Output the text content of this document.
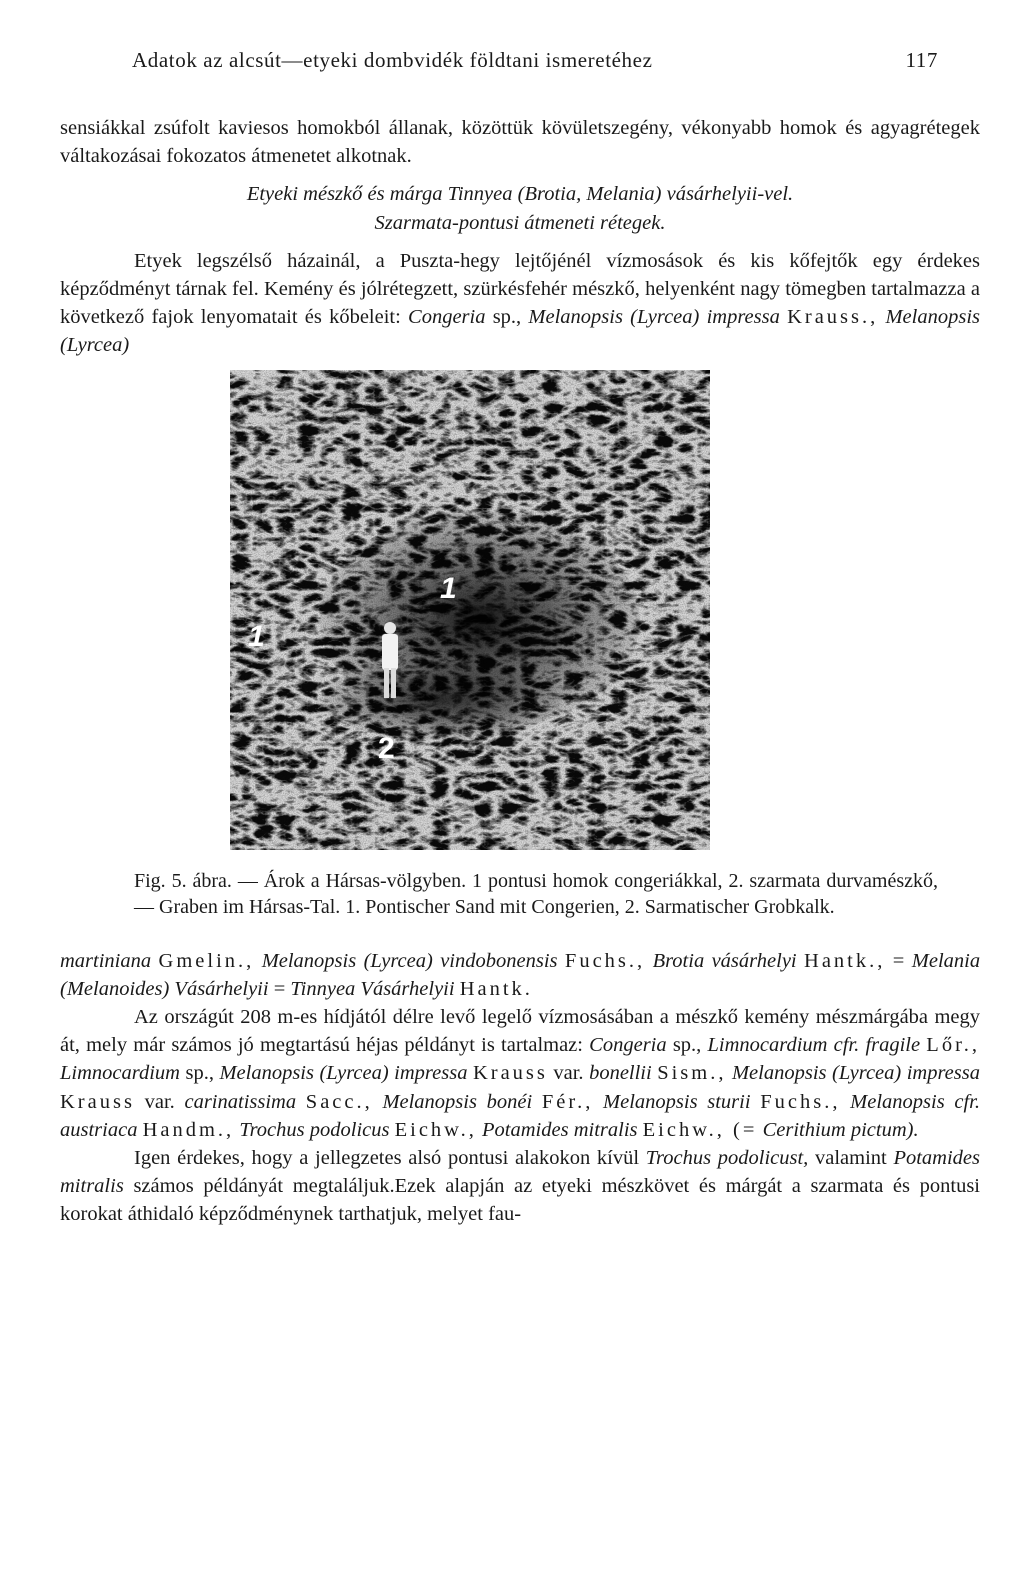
Adatok az alcsút—etyeki dombvidék földtani ismeretéhez	117

sensiákkal zsúfolt kaviesos homokból állanak, közöttük kövületszegény, vékonyabb homok és agyagrétegek váltakozásai fokozatos átmenetet alkotnak.

Etyeki mészkő és márga Tinnyea (Brotia, Melania) vásárhelyii-vel.

Szarmata-pontusi átmeneti rétegek.

Etyek legszélső házainál, a Puszta-hegy lejtőjénél vízmosások és kis kőfejtők egy érdekes képződményt tárnak fel. Kemény és jólrétegzett, szürkésfehér mészkő, helyenként nagy tömegben tartalmazza a következő fajok lenyomatait és kőbeleit: Congeria sp., Melanopsis (Lyrcea) impressa Krauss., Melanopsis (Lyrcea)

1
1
2
Fig. 5. ábra. — Árok a Hársas-völgyben. 1 pontusi homok congeriákkal, 2. szarmata durvamészkő, — Graben im Hársas-Tal. 1. Pontischer Sand mit Congerien, 2. Sarmatischer Grobkalk.

martiniana Gmelin., Melanopsis (Lyrcea) vindobonensis Fuchs., Brotia vásárhelyi Hantk., = Melania (Melanoides) Vásárhelyii = Tinnyea Vásárhelyii Hantk.

Az országút 208 m-es hídjától délre levő legelő vízmosásában a mészkő kemény mészmárgába megy át, mely már számos jó megtartású héjas példányt is tartalmaz: Congeria sp., Limnocardium cfr. fragile Lőr., Limnocardium sp., Melanopsis (Lyrcea) impressa Krauss var. bonellii Sism., Melanopsis (Lyrcea) impressa Krauss var. carinatissima Sacc., Melanopsis bonéi Fér., Melanopsis sturii Fuchs., Melanopsis cfr. austriaca Handm., Trochus podolicus Eichw., Potamides mitralis Eichw., (= Cerithium pictum).

Igen érdekes, hogy a jellegzetes alsó pontusi alakokon kívül Trochus podolicust, valamint Potamides mitralis számos példányát megtaláljuk.Ezek alapján az etyeki mészkövet és márgát a szarmata és pontusi korokat áthidaló képződménynek tarthatjuk, melyet fau-
